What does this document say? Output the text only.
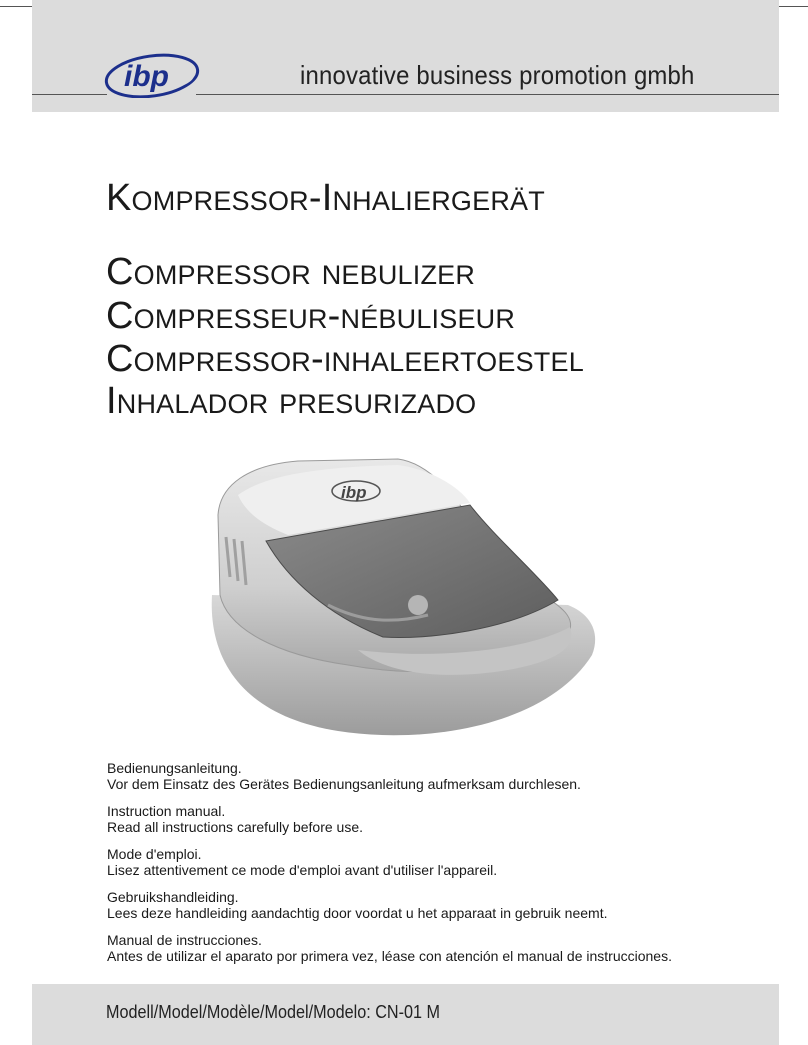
ibp	innovative business promotion gmbh
Kompressor-Inhaliergerät
Compressor nebulizer
Compresseur-nébuliseur
Compressor-inhaleertoestel
Inhalador presurizado
ibp

Bedienungsanleitung.

Vor dem Einsatz des Gerätes Bedienungsanleitung aufmerksam durchlesen.

Instruction manual.

Read all instructions carefully before use.

Mode d'emploi.

Lisez attentivement ce mode d'emploi avant d'utiliser l'appareil.

Gebruikshandleiding.

Lees deze handleiding aandachtig door voordat u het apparaat in gebruik neemt.

Manual de instrucciones.

Antes de utilizar el aparato por primera vez, léase con atención el manual de instrucciones.

Modell/Model/Modèle/Model/Modelo: CN-01 M
